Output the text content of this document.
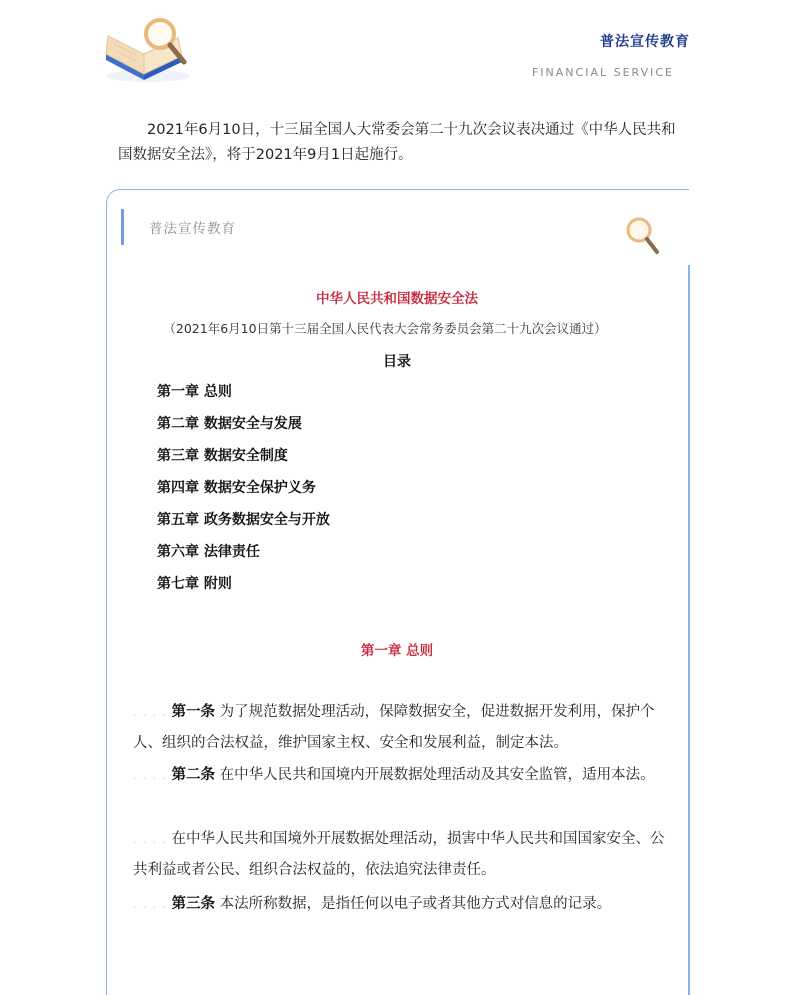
普法宣传教育
FINANCIAL SERVICE
2021年6月10日，十三届全国人大常委会第二十九次会议表决通过《中华人民共和国数据安全法》，将于2021年9月1日起施行。
普法宣传教育
中华人民共和国数据安全法
（2021年6月10日第十三届全国人民代表大会常务委员会第二十九次会议通过）
目录
第一章 总则
第二章 数据安全与发展
第三章 数据安全制度
第四章 数据安全保护义务
第五章 政务数据安全与开放
第六章 法律责任
第七章 附则
第一章 总则
. . . . 第一条 为了规范数据处理活动，保障数据安全，促进数据开发利用，保护个人、组织的合法权益，维护国家主权、安全和发展利益，制定本法。
. . . . 第二条 在中华人民共和国境内开展数据处理活动及其安全监管，适用本法。
. . . . 在中华人民共和国境外开展数据处理活动，损害中华人民共和国国家安全、公共利益或者公民、组织合法权益的，依法追究法律责任。
. . . . 第三条 本法所称数据，是指任何以电子或者其他方式对信息的记录。
